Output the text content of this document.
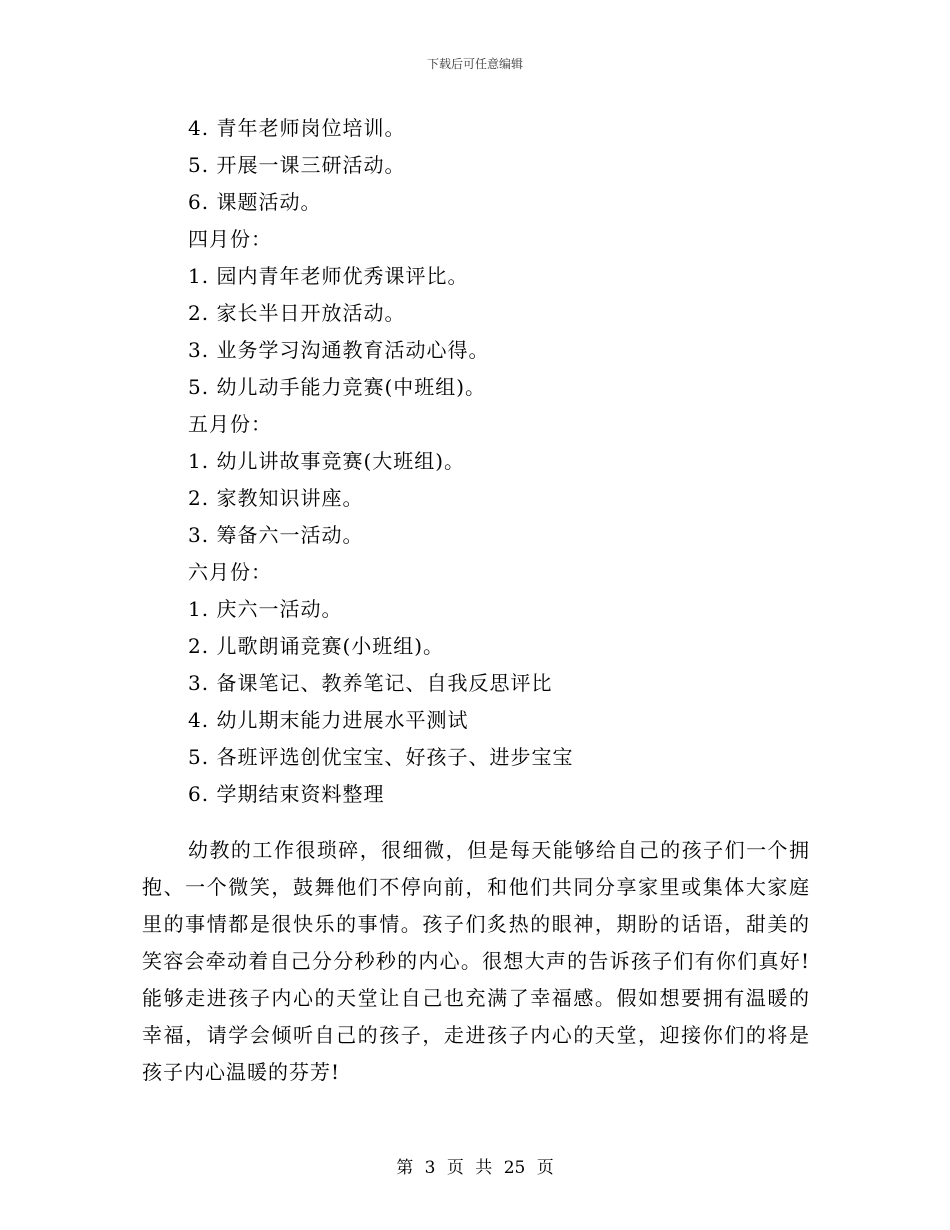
下载后可任意编辑
4. 青年老师岗位培训。
5. 开展一课三研活动。
6. 课题活动。
四月份：
1. 园内青年老师优秀课评比。
2. 家长半日开放活动。
3. 业务学习沟通教育活动心得。
5. 幼儿动手能力竞赛(中班组)。
五月份：
1. 幼儿讲故事竞赛(大班组)。
2. 家教知识讲座。
3. 筹备六一活动。
六月份：
1. 庆六一活动。
2. 儿歌朗诵竞赛(小班组)。
3. 备课笔记、教养笔记、自我反思评比
4. 幼儿期末能力进展水平测试
5. 各班评选创优宝宝、好孩子、进步宝宝
6. 学期结束资料整理

幼教的工作很琐碎，很细微，但是每天能够给自己的孩子们一个拥抱、一个微笑，鼓舞他们不停向前，和他们共同分享家里或集体大家庭里的事情都是很快乐的事情。孩子们炙热的眼神，期盼的话语，甜美的笑容会牵动着自己分分秒秒的内心。很想大声的告诉孩子们有你们真好!能够走进孩子内心的天堂让自己也充满了幸福感。假如想要拥有温暖的幸福，请学会倾听自己的孩子，走进孩子内心的天堂，迎接你们的将是孩子内心温暖的芬芳!

第 3 页 共 25 页
